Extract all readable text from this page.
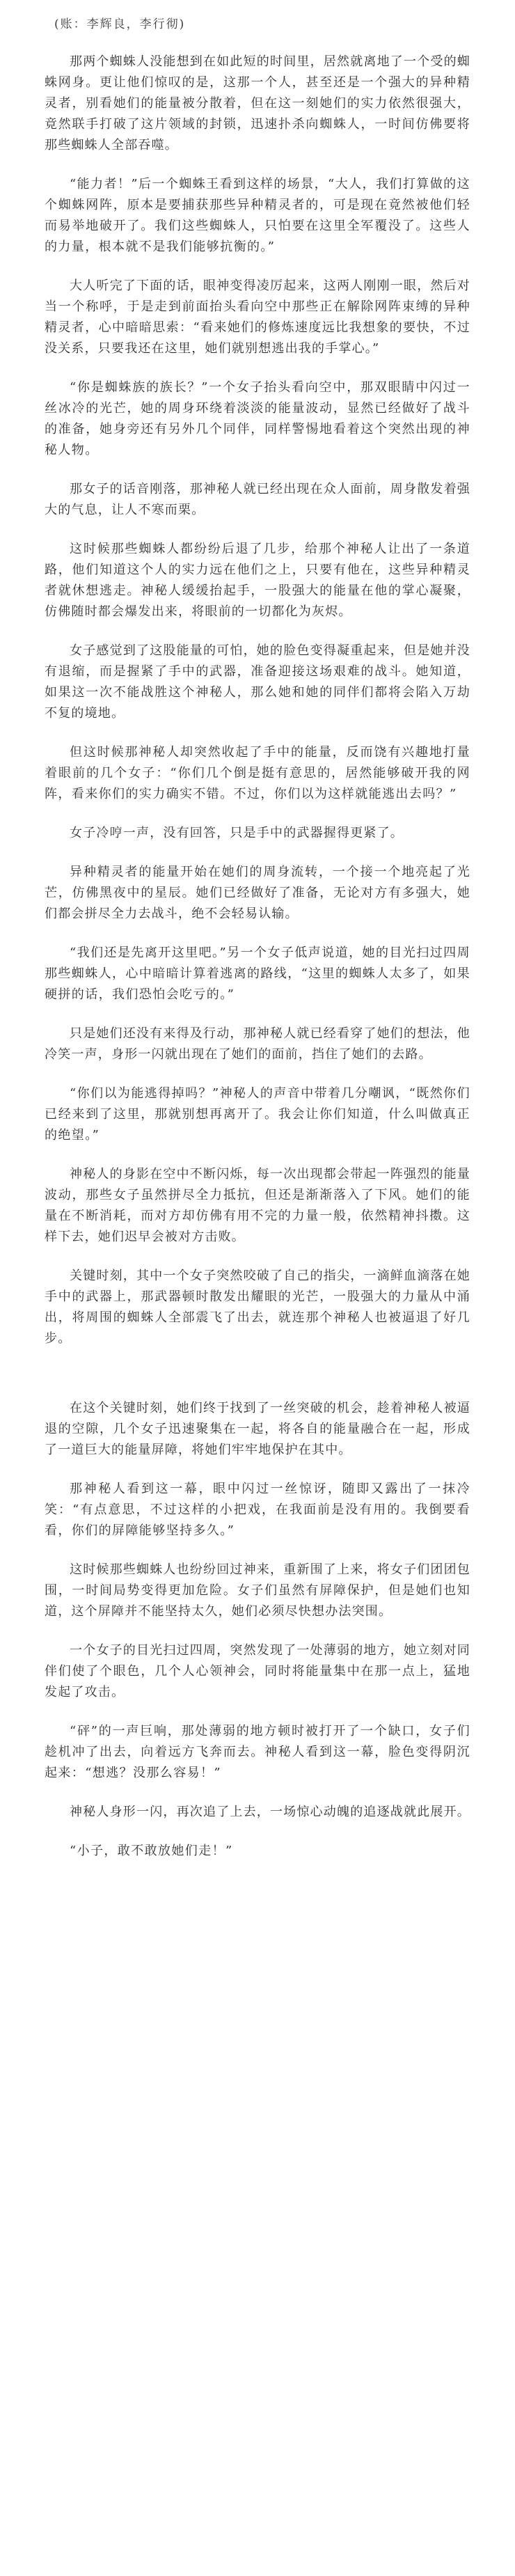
(账：李辉良，李行彻)

那两个蜘蛛人没能想到在如此短的时间里，居然就离地了一个受的蜘蛛网身。更让他们惊叹的是，这那一个人，甚至还是一个强大的异种精灵者，别看她们的能量被分散着，但在这一刻她们的实力依然很强大，竟然联手打破了这片领域的封锁，迅速扑杀向蜘蛛人，一时间仿佛要将那些蜘蛛人全部吞噬。

“能力者！”后一个蜘蛛王看到这样的场景，“大人，我们打算做的这个蜘蛛网阵，原本是要捕获那些异种精灵者的，可是现在竟然被他们轻而易举地破开了。我们这些蜘蛛人，只怕要在这里全军覆没了。这些人的力量，根本就不是我们能够抗衡的。”

大人听完了下面的话，眼神变得凌厉起来，这两人刚刚一眼，然后对当一个称呼，于是走到前面抬头看向空中那些正在解除网阵束缚的异种精灵者，心中暗暗思索：“看来她们的修炼速度远比我想象的要快，不过没关系，只要我还在这里，她们就别想逃出我的手掌心。”

“你是蜘蛛族的族长？”一个女子抬头看向空中，那双眼睛中闪过一丝冰冷的光芒，她的周身环绕着淡淡的能量波动，显然已经做好了战斗的准备，她身旁还有另外几个同伴，同样警惕地看着这个突然出现的神秘人物。

那女子的话音刚落，那神秘人就已经出现在众人面前，周身散发着强大的气息，让人不寒而栗。

这时候那些蜘蛛人都纷纷后退了几步，给那个神秘人让出了一条道路，他们知道这个人的实力远在他们之上，只要有他在，这些异种精灵者就休想逃走。神秘人缓缓抬起手，一股强大的能量在他的掌心凝聚，仿佛随时都会爆发出来，将眼前的一切都化为灰烬。

女子感觉到了这股能量的可怕，她的脸色变得凝重起来，但是她并没有退缩，而是握紧了手中的武器，准备迎接这场艰难的战斗。她知道，如果这一次不能战胜这个神秘人，那么她和她的同伴们都将会陷入万劫不复的境地。

但这时候那神秘人却突然收起了手中的能量，反而饶有兴趣地打量着眼前的几个女子：“你们几个倒是挺有意思的，居然能够破开我的网阵，看来你们的实力确实不错。不过，你们以为这样就能逃出去吗？”

女子冷哼一声，没有回答，只是手中的武器握得更紧了。

异种精灵者的能量开始在她们的周身流转，一个接一个地亮起了光芒，仿佛黑夜中的星辰。她们已经做好了准备，无论对方有多强大，她们都会拼尽全力去战斗，绝不会轻易认输。

“我们还是先离开这里吧。”另一个女子低声说道，她的目光扫过四周那些蜘蛛人，心中暗暗计算着逃离的路线，“这里的蜘蛛人太多了，如果硬拼的话，我们恐怕会吃亏的。”

只是她们还没有来得及行动，那神秘人就已经看穿了她们的想法，他冷笑一声，身形一闪就出现在了她们的面前，挡住了她们的去路。

“你们以为能逃得掉吗？”神秘人的声音中带着几分嘲讽，“既然你们已经来到了这里，那就别想再离开了。我会让你们知道，什么叫做真正的绝望。”

神秘人的身影在空中不断闪烁，每一次出现都会带起一阵强烈的能量波动，那些女子虽然拼尽全力抵抗，但还是渐渐落入了下风。她们的能量在不断消耗，而对方却仿佛有用不完的力量一般，依然精神抖擞。这样下去，她们迟早会被对方击败。

关键时刻，其中一个女子突然咬破了自己的指尖，一滴鲜血滴落在她手中的武器上，那武器顿时散发出耀眼的光芒，一股强大的力量从中涌出，将周围的蜘蛛人全部震飞了出去，就连那个神秘人也被逼退了好几步。

在这个关键时刻，她们终于找到了一丝突破的机会，趁着神秘人被逼退的空隙，几个女子迅速聚集在一起，将各自的能量融合在一起，形成了一道巨大的能量屏障，将她们牢牢地保护在其中。

那神秘人看到这一幕，眼中闪过一丝惊讶，随即又露出了一抹冷笑：“有点意思，不过这样的小把戏，在我面前是没有用的。我倒要看看，你们的屏障能够坚持多久。”

这时候那些蜘蛛人也纷纷回过神来，重新围了上来，将女子们团团包围，一时间局势变得更加危险。女子们虽然有屏障保护，但是她们也知道，这个屏障并不能坚持太久，她们必须尽快想办法突围。

一个女子的目光扫过四周，突然发现了一处薄弱的地方，她立刻对同伴们使了个眼色，几个人心领神会，同时将能量集中在那一点上，猛地发起了攻击。

“砰”的一声巨响，那处薄弱的地方顿时被打开了一个缺口，女子们趁机冲了出去，向着远方飞奔而去。神秘人看到这一幕，脸色变得阴沉起来：“想逃？没那么容易！”

神秘人身形一闪，再次追了上去，一场惊心动魄的追逐战就此展开。

“小子，敢不敢放她们走！”
